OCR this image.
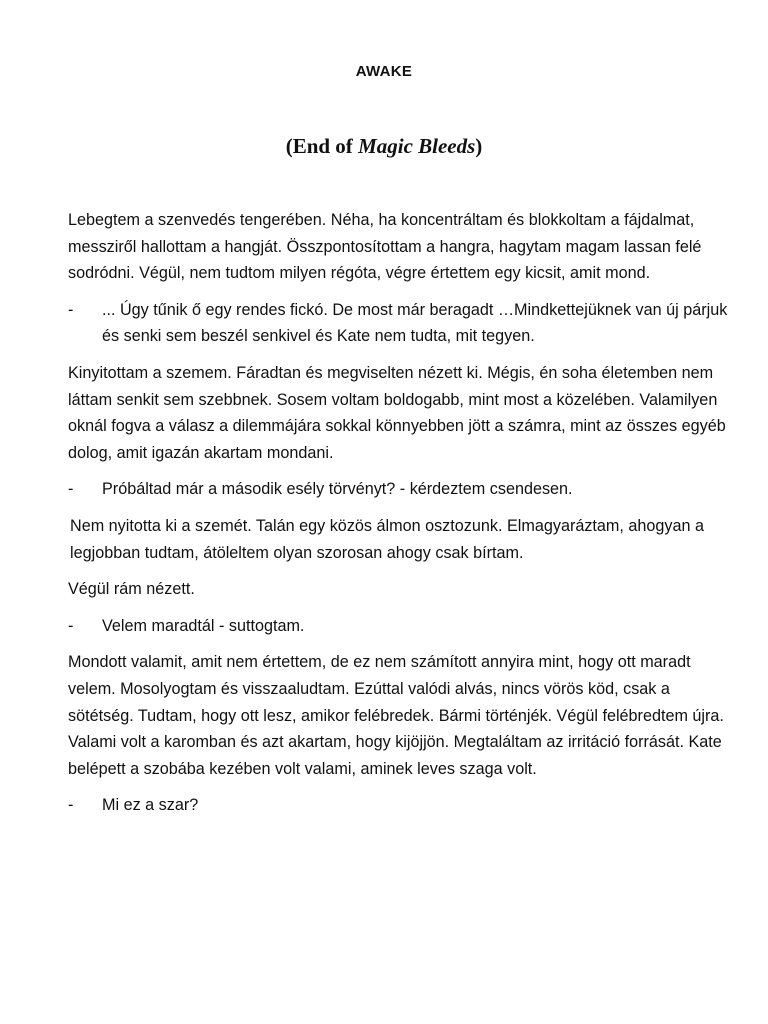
AWAKE
(End of Magic Bleeds)

Lebegtem a szenvedés tengerében. Néha, ha koncentráltam és blokkoltam a fájdalmat, messziről hallottam a hangját. Összpontosítottam a hangra, hagytam magam lassan felé sodródni. Végül, nem tudtom milyen régóta, végre értettem egy kicsit, amit mond.

- ... Úgy tűnik ő egy rendes fickó. De most már beragadt …Mindkettejüknek van új párjuk és senki sem beszél senkivel és Kate nem tudta, mit tegyen.

Kinyitottam a szemem. Fáradtan és megviselten nézett ki. Mégis, én soha életemben nem láttam senkit sem szebbnek. Sosem voltam boldogabb, mint most a közelében. Valamilyen oknál fogva a válasz a dilemmájára sokkal könnyebben jött a számra, mint az összes egyéb dolog, amit igazán akartam mondani.

- Próbáltad már a második esély törvényt? - kérdeztem csendesen.

Nem nyitotta ki a szemét. Talán egy közös álmon osztozunk. Elmagyaráztam, ahogyan a legjobban tudtam, átöleltem olyan szorosan ahogy csak bírtam.

Végül rám nézett.

- Velem maradtál - suttogtam.

Mondott valamit, amit nem értettem, de ez nem számított annyira mint, hogy ott maradt velem. Mosolyogtam és visszaaludtam. Ezúttal valódi alvás, nincs vörös köd, csak a sötétség. Tudtam, hogy ott lesz, amikor felébredek. Bármi történjék. Végül felébredtem újra. Valami volt a karomban és azt akartam, hogy kijöjjön. Megtaláltam az irritáció forrását. Kate belépett a szobába kezében volt valami, aminek leves szaga volt.

- Mi ez a szar?
